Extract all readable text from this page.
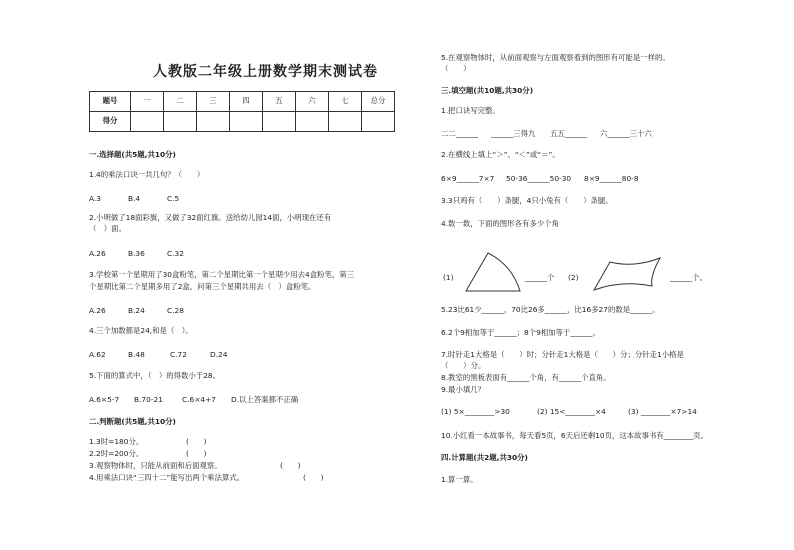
人教版二年级上册数学期末测试卷
题号	一	二	三	四	五	六	七	总分
得分								
一.选择题(共5题,共10分)
1.4的乘法口诀一共几句？（　　）
A.3	B.4	C.5
2.小明做了18面彩旗，又做了32面红旗。送给幼儿园14面，小明现在还有
（　）面。
A.26	B.36	C.32
3.学校第一个星期用了30盒粉笔，第二个星期比第一个星期少用去4盒粉笔，第三
个星期比第二个星期多用了2盒，问第三个星期共用去（　）盒粉笔。
A.26	B.24	C.28
4.三个加数都是24,和是（　）。
A.62	B.48	C.72	D.24
5.下面的算式中，（　）的得数小于28。
A.6×5-7 B.70-21	C.6×4+7 D.以上答案都不正确
二.判断题(共5题,共10分)
1.3时=180分。	(　　)
2.2时=200分。	(　　)
3.观察物体时，只能从前面和后面观察。	(　　)
4.用乘法口诀“三四十二”能写出两个乘法算式。	(　　)
5.在观察物体时，从前面观察与左面观察看到的图形有可能是一样的。
（　　）
三.填空题(共10题,共30分)
1.把口诀写完整。
二二______ ______三得九 五五______ 六______三十六
2.在横线上填上“＞”、“＜”或“＝”。
6×9______7×7 50-36______50-30 8×9______80-8
3.3只鸡有（　　）条腿，4只小兔有（　　）条腿。
4.数一数，下面的图形各有多少个角
(1)	______个 (2)	______个。
5.23比61少______，70比26多______，比16多27的数是______。
6.2个9相加等于______；8个9相加等于______。
7.时针走1大格是（　　）时；分针走1大格是（　　）分；分针走1小格是
（　　）分。
8.教室的黑板表面有______个角，有______个直角。
9.最小填几？
(1) 5×________>30	(2) 15<________×4	(3) ________×7>14
10.小红看一本故事书，每天看5页，6天后还剩10页，这本故事书有________页。
四.计算题(共2题,共30分)
1.算一算。
